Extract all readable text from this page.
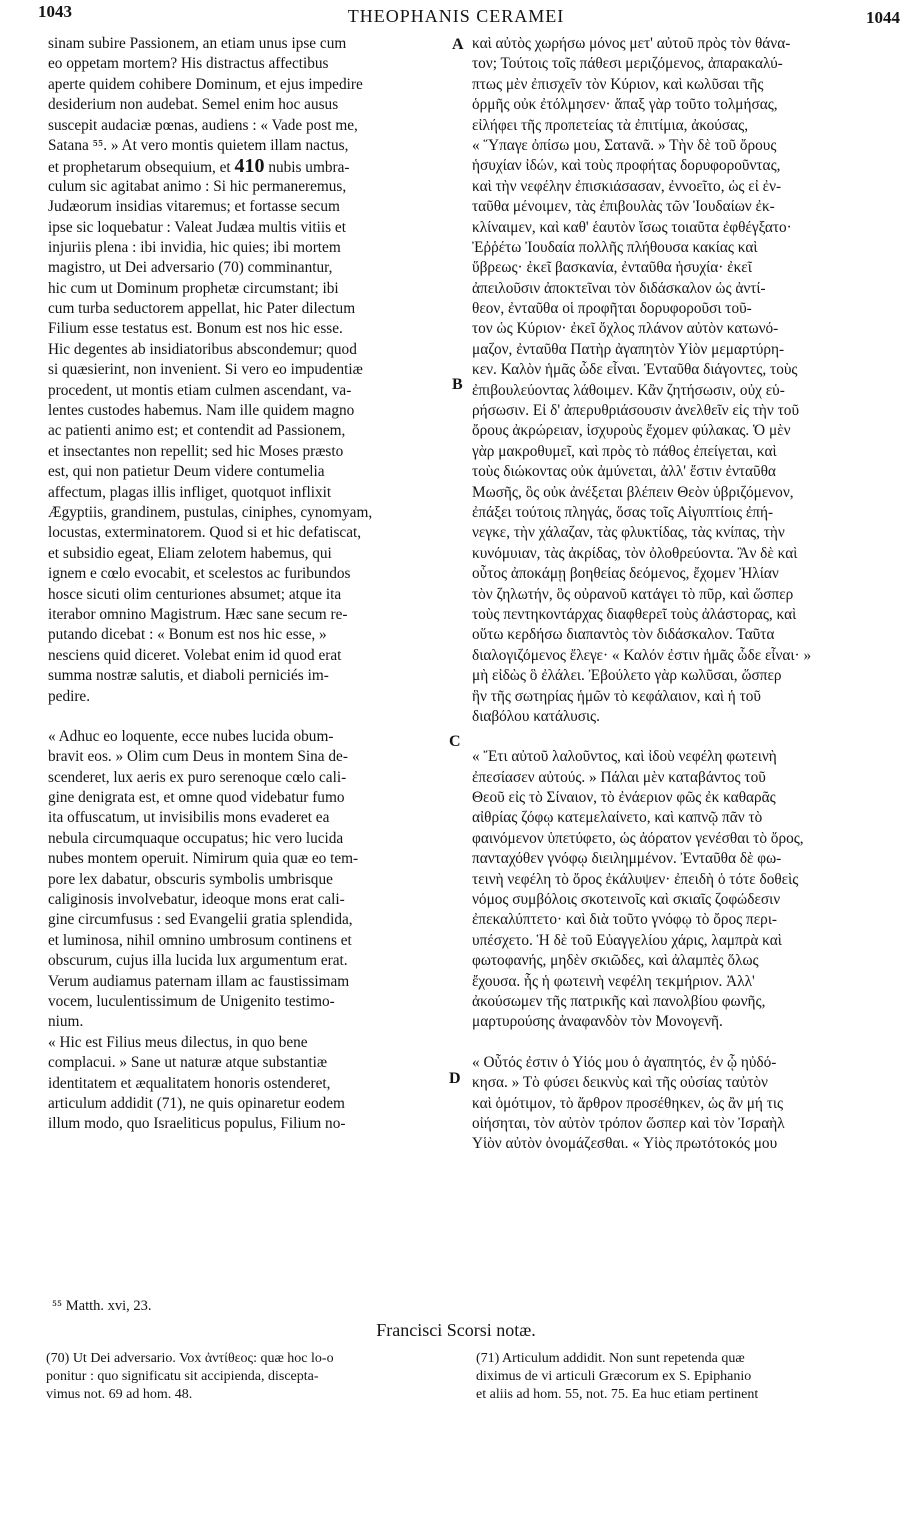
1043	THEOPHANIS CERAMEI	1044
sinam subire Passionem, an etiam unus ipse cum
eo oppetam mortem? His distractus affectibus
aperte quidem cohibere Dominum, et ejus impedire
desiderium non audebat. Semel enim hoc ausus
suscepit audaciæ pœnas, audiens : « Vade post me,
Satana ⁵⁵. » At vero montis quietem illam nactus,
et prophetarum obsequium, et 410 nubis umbra-
culum sic agitabat animo : Si hic permaneremus,
Judæorum insidias vitaremus; et fortasse secum
ipse sic loquebatur : Valeat Judæa multis vitiis et
injuriis plena : ibi invidia, hic quies; ibi mortem
magistro, ut Dei adversario (70) comminantur,
hic cum ut Dominum prophetæ circumstant; ibi
cum turba seductorem appellat, hic Pater dilectum
Filium esse testatus est. Bonum est nos hic esse.
Hic degentes ab insidiatoribus abscondemur; quod
si quæsierint, non invenient. Si vero eo impudentiæ
procedent, ut montis etiam culmen ascendant, va-
lentes custodes habemus. Nam ille quidem magno
ac patienti animo est; et contendit ad Passionem,
et insectantes non repellit; sed hic Moses præsto
est, qui non patietur Deum videre contumelia
affectum, plagas illis infliget, quotquot inflixit
Ægyptiis, grandinem, pustulas, ciniphes, cynomyam,
locustas, exterminatorem. Quod si et hic defatiscat,
et subsidio egeat, Eliam zelotem habemus, qui
ignem e cœlo evocabit, et scelestos ac furibundos
hosce sicuti olim centuriones absumet; atque ita
iterabor omnino Magistrum. Hæc sane secum re-
putando dicebat : « Bonum est nos hic esse, »
nesciens quid diceret. Volebat enim id quod erat
summa nostræ salutis, et diaboli perniciés im-
pedire.
« Adhuc eo loquente, ecce nubes lucida obum-
bravit eos. » Olim cum Deus in montem Sina de-
scenderet, lux aeris ex puro serenoque cœlo cali-
gine denigrata est, et omne quod videbatur fumo
ita offuscatum, ut invisibilis mons evaderet ea
nebula circumquaque occupatus; hic vero lucida
nubes montem operuit. Nimirum quia quæ eo tem-
pore lex dabatur, obscuris symbolis umbrisque
caliginosis involvebatur, ideoque mons erat cali-
gine circumfusus : sed Evangelii gratia splendida,
et luminosa, nihil omnino umbrosum continens et
obscurum, cujus illa lucida lux argumentum erat.
Verum audiamus paternam illam ac faustissimam
vocem, luculentissimum de Unigenito testimo-
nium.
« Hic est Filius meus dilectus, in quo bene
complacui. » Sane ut naturæ atque substantiæ
identitatem et æqualitatem honoris ostenderet,
articulum addidit (71), ne quis opinaretur eodem
illum modo, quo Israeliticus populus, Filium no-
καὶ αὐτὸς χωρήσω μόνος μετ' αὐτοῦ πρὸς τὸν θάνα-
τον; Τούτοις τοῖς πάθεσι μεριζόμενος, ἀπαρακαλύ-
πτως μὲν ἐπισχεῖν τὸν Κύριον, καὶ κωλῦσαι τῆς
ὁρμῆς οὐκ ἐτόλμησεν· ἅπαξ γὰρ τοῦτο τολμήσας,
εἰλήφει τῆς προπετείας τὰ ἐπιτίμια, ἀκούσας,
« Ὕπαγε ὀπίσω μου, Σατανᾶ. » Τὴν δὲ τοῦ ὄρους
ἡσυχίαν ἰδών, καὶ τοὺς προφήτας δορυφοροῦντας,
καὶ τὴν νεφέλην ἐπισκιάσασαν, ἐννοεῖτο, ὡς εἰ ἐν-
ταῦθα μένοιμεν, τὰς ἐπιβουλὰς τῶν Ἰουδαίων ἐκ-
κλίναιμεν, καὶ καθ' ἑαυτὸν ἴσως τοιαῦτα ἐφθέγξατο·
Ἐῤῥέτω Ἰουδαία πολλῆς πλήθουσα κακίας καὶ
ὕβρεως· ἐκεῖ βασκανία, ἐνταῦθα ἡσυχία· ἐκεῖ
ἀπειλοῦσιν ἀποκτεῖναι τὸν διδάσκαλον ὡς ἀντί-
θεον, ἐνταῦθα οἱ προφῆται δορυφοροῦσι τοῦ-
τον ὡς Κύριον· ἐκεῖ ὄχλος πλάνον αὐτὸν κατωνό-
μαζον, ἐνταῦθα Πατὴρ ἀγαπητὸν Υἱὸν μεμαρτύρη-
κεν. Καλὸν ἡμᾶς ὧδε εἶναι. Ἐνταῦθα διάγοντες, τοὺς
ἐπιβουλεύοντας λάθοιμεν. Κἂν ζητήσωσιν, οὐχ εὑ-
ρήσωσιν. Εἰ δ' ἀπερυθριάσουσιν ἀνελθεῖν εἰς τὴν τοῦ
ὄρους ἀκρώρειαν, ἰσχυροὺς ἔχομεν φύλακας. Ὁ μὲν
γὰρ μακροθυμεῖ, καὶ πρὸς τὸ πάθος ἐπείγεται, καὶ
τοὺς διώκοντας οὐκ ἀμύνεται, ἀλλ' ἔστιν ἐνταῦθα
Μωσῆς, ὃς οὐκ ἀνέξεται βλέπειν Θεὸν ὑβριζόμενον,
ἐπάξει τούτοις πληγάς, ὅσας τοῖς Αἰγυπτίοις ἐπή-
νεγκε, τὴν χάλαζαν, τὰς φλυκτίδας, τὰς κνίπας, τὴν
κυνόμυιαν, τὰς ἀκρίδας, τὸν ὀλοθρεύοντα. Ἂν δὲ καὶ
οὗτος ἀποκάμῃ βοηθείας δεόμενος, ἔχομεν Ἠλίαν
τὸν ζηλωτήν, ὃς οὐρανοῦ κατάγει τὸ πῦρ, καὶ ὥσπερ
τοὺς πεντηκοντάρχας διαφθερεῖ τοὺς ἀλάστορας, καὶ
οὕτω κερδήσω διαπαντὸς τὸν διδάσκαλον. Ταῦτα
διαλογιζόμενος ἔλεγε· « Καλόν ἐστιν ἡμᾶς ὧδε εἶναι· »
μὴ εἰδὼς ὃ ἐλάλει. Ἐβούλετο γὰρ κωλῦσαι, ὥσπερ
ἣν τῆς σωτηρίας ἡμῶν τὸ κεφάλαιον, καὶ ἡ τοῦ
διαβόλου κατάλυσις.
« Ἔτι αὐτοῦ λαλοῦντος, καὶ ἰδοὺ νεφέλη φωτεινὴ
ἐπεσίασεν αὐτούς. » Πάλαι μὲν καταβάντος τοῦ
Θεοῦ εἰς τὸ Σίναιον, τὸ ἐνάεριον φῶς ἐκ καθαρᾶς
αἰθρίας ζόφῳ κατεμελαίνετο, καὶ καπνῷ πᾶν τὸ
φαινόμενον ὑπετύφετο, ὡς ἀόρατον γενέσθαι τὸ ὄρος,
πανταχόθεν γνόφῳ διειλημμένον. Ἐνταῦθα δὲ φω-
τεινὴ νεφέλη τὸ ὄρος ἐκάλυψεν· ἐπειδὴ ὁ τότε δοθεὶς
νόμος συμβόλοις σκοτεινοῖς καὶ σκιαῖς ζοφώδεσιν
ἐπεκαλύπτετο· καὶ διὰ τοῦτο γνόφῳ τὸ ὄρος περι-
υπέσχετο. Ἡ δὲ τοῦ Εὐαγγελίου χάρις, λαμπρὰ καὶ
φωτοφανής, μηδὲν σκιῶδες, καὶ ἀλαμπὲς ὅλως
ἔχουσα. ἧς ἡ φωτεινὴ νεφέλη τεκμήριον. Ἀλλ'
ἀκούσωμεν τῆς πατρικῆς καὶ πανολβίου φωνῆς,
μαρτυρούσης ἀναφανδὸν τὸν Μονογενῆ.
« Οὗτός ἐστιν ὁ Υἱός μου ὁ ἀγαπητός, ἐν ᾧ ηὐδό-
κησα. » Τὸ φύσει δεικνὺς καὶ τῆς οὐσίας ταὐτὸν
καὶ ὁμότιμον, τὸ ἄρθρον προσέθηκεν, ὡς ἂν μή τις
οἰήσηται, τὸν αὐτὸν τρόπον ὥσπερ καὶ τὸν Ἰσραὴλ
Υἱὸν αὐτὸν ὀνομάζεσθαι. « Υἱὸς πρωτότοκός μου
A
B
C
D
⁵⁵ Matth. xvi, 23.
Francisci Scorsi notæ.
(70) Ut Dei adversario. Vox ἀντίθεος: quæ hoc lo-o
ponitur : quo significatu sit accipienda, discepta-
vimus not. 69 ad hom. 48.
(71) Articulum addidit. Non sunt repetenda quæ
diximus de vi articuli Græcorum ex S. Epiphanio
et aliis ad hom. 55, not. 75. Ea huc etiam pertinent
